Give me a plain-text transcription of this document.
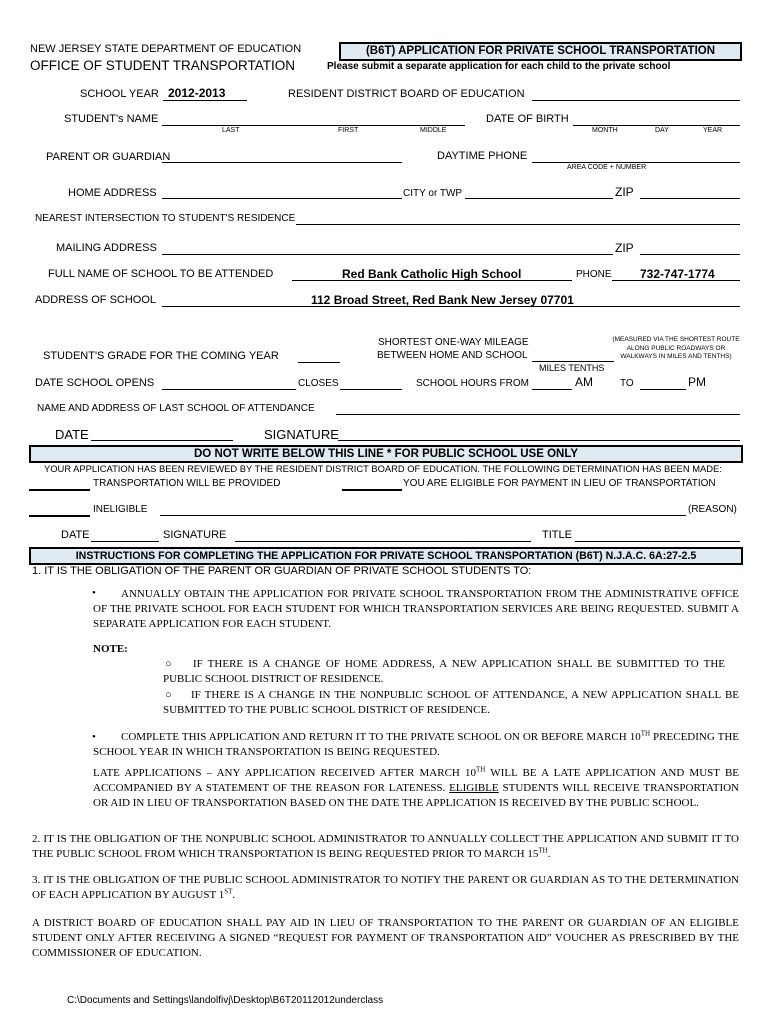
NEW JERSEY STATE DEPARTMENT OF EDUCATION
OFFICE OF STUDENT TRANSPORTATION
(B6T) APPLICATION FOR PRIVATE SCHOOL TRANSPORTATION
Please submit a separate application for each child to the private school
SCHOOL YEAR 2012-2013	RESIDENT DISTRICT BOARD OF EDUCATION
STUDENT's NAME
LAST	FIRST	MIDDLE
DATE OF BIRTH
MONTH	DAY	YEAR
PARENT OR GUARDIAN	DAYTIME PHONE
AREA CODE + NUMBER
HOME ADDRESS	CITY or TWP	ZIP
NEAREST INTERSECTION TO STUDENT'S RESIDENCE
MAILING ADDRESS	ZIP
FULL NAME OF SCHOOL TO BE ATTENDED	Red Bank Catholic High School	PHONE 732-747-1774
ADDRESS OF SCHOOL	112 Broad Street, Red Bank New Jersey 07701
SHORTEST ONE-WAY MILEAGE
BETWEEN HOME AND SCHOOL
(MEASURED VIA THE SHORTEST ROUTE
ALONG PUBLIC ROADWAYS OR
WALKWAYS IN MILES AND TENTHS)
MILES TENTHS
STUDENT'S GRADE FOR THE COMING YEAR
DATE SCHOOL OPENS	CLOSES	SCHOOL HOURS FROM	AM	TO	PM
NAME AND ADDRESS OF LAST SCHOOL OF ATTENDANCE
DATE	SIGNATURE
DO NOT WRITE BELOW THIS LINE * FOR PUBLIC SCHOOL USE ONLY
YOUR APPLICATION HAS BEEN REVIEWED BY THE RESIDENT DISTRICT BOARD OF EDUCATION. THE FOLLOWING DETERMINATION HAS BEEN MADE:
TRANSPORTATION WILL BE PROVIDED	YOU ARE ELIGIBLE FOR PAYMENT IN LIEU OF TRANSPORTATION
INELIGIBLE	(REASON)
DATE	SIGNATURE	TITLE
INSTRUCTIONS FOR COMPLETING THE APPLICATION FOR PRIVATE SCHOOL TRANSPORTATION (B6T) N.J.A.C. 6A:27-2.5
1. IT IS THE OBLIGATION OF THE PARENT OR GUARDIAN OF PRIVATE SCHOOL STUDENTS TO:
•	ANNUALLY OBTAIN THE APPLICATION FOR PRIVATE SCHOOL TRANSPORTATION FROM THE ADMINISTRATIVE OFFICE OF THE PRIVATE SCHOOL FOR EACH STUDENT FOR WHICH TRANSPORTATION SERVICES ARE BEING REQUESTED. SUBMIT A SEPARATE APPLICATION FOR EACH STUDENT.
NOTE:
○	IF THERE IS A CHANGE OF HOME ADDRESS, A NEW APPLICATION SHALL BE SUBMITTED TO THE PUBLIC SCHOOL DISTRICT OF RESIDENCE.
○	IF THERE IS A CHANGE IN THE NONPUBLIC SCHOOL OF ATTENDANCE, A NEW APPLICATION SHALL BE SUBMITTED TO THE PUBLIC SCHOOL DISTRICT OF RESIDENCE.
•	COMPLETE THIS APPLICATION AND RETURN IT TO THE PRIVATE SCHOOL ON OR BEFORE MARCH 10TH PRECEDING THE SCHOOL YEAR IN WHICH TRANSPORTATION IS BEING REQUESTED.
LATE APPLICATIONS – ANY APPLICATION RECEIVED AFTER MARCH 10TH WILL BE A LATE APPLICATION AND MUST BE ACCOMPANIED BY A STATEMENT OF THE REASON FOR LATENESS. ELIGIBLE STUDENTS WILL RECEIVE TRANSPORTATION OR AID IN LIEU OF TRANSPORTATION BASED ON THE DATE THE APPLICATION IS RECEIVED BY THE PUBLIC SCHOOL.
2. IT IS THE OBLIGATION OF THE NONPUBLIC SCHOOL ADMINISTRATOR TO ANNUALLY COLLECT THE APPLICATION AND SUBMIT IT TO THE PUBLIC SCHOOL FROM WHICH TRANSPORTATION IS BEING REQUESTED PRIOR TO MARCH 15TH.
3. IT IS THE OBLIGATION OF THE PUBLIC SCHOOL ADMINISTRATOR TO NOTIFY THE PARENT OR GUARDIAN AS TO THE DETERMINATION OF EACH APPLICATION BY AUGUST 1ST.
A DISTRICT BOARD OF EDUCATION SHALL PAY AID IN LIEU OF TRANSPORTATION TO THE PARENT OR GUARDIAN OF AN ELIGIBLE STUDENT ONLY AFTER RECEIVING A SIGNED “REQUEST FOR PAYMENT OF TRANSPORTATION AID” VOUCHER AS PRESCRIBED BY THE COMMISSIONER OF EDUCATION.
C:\Documents and Settings\landolfivj\Desktop\B6T20112012underclass
